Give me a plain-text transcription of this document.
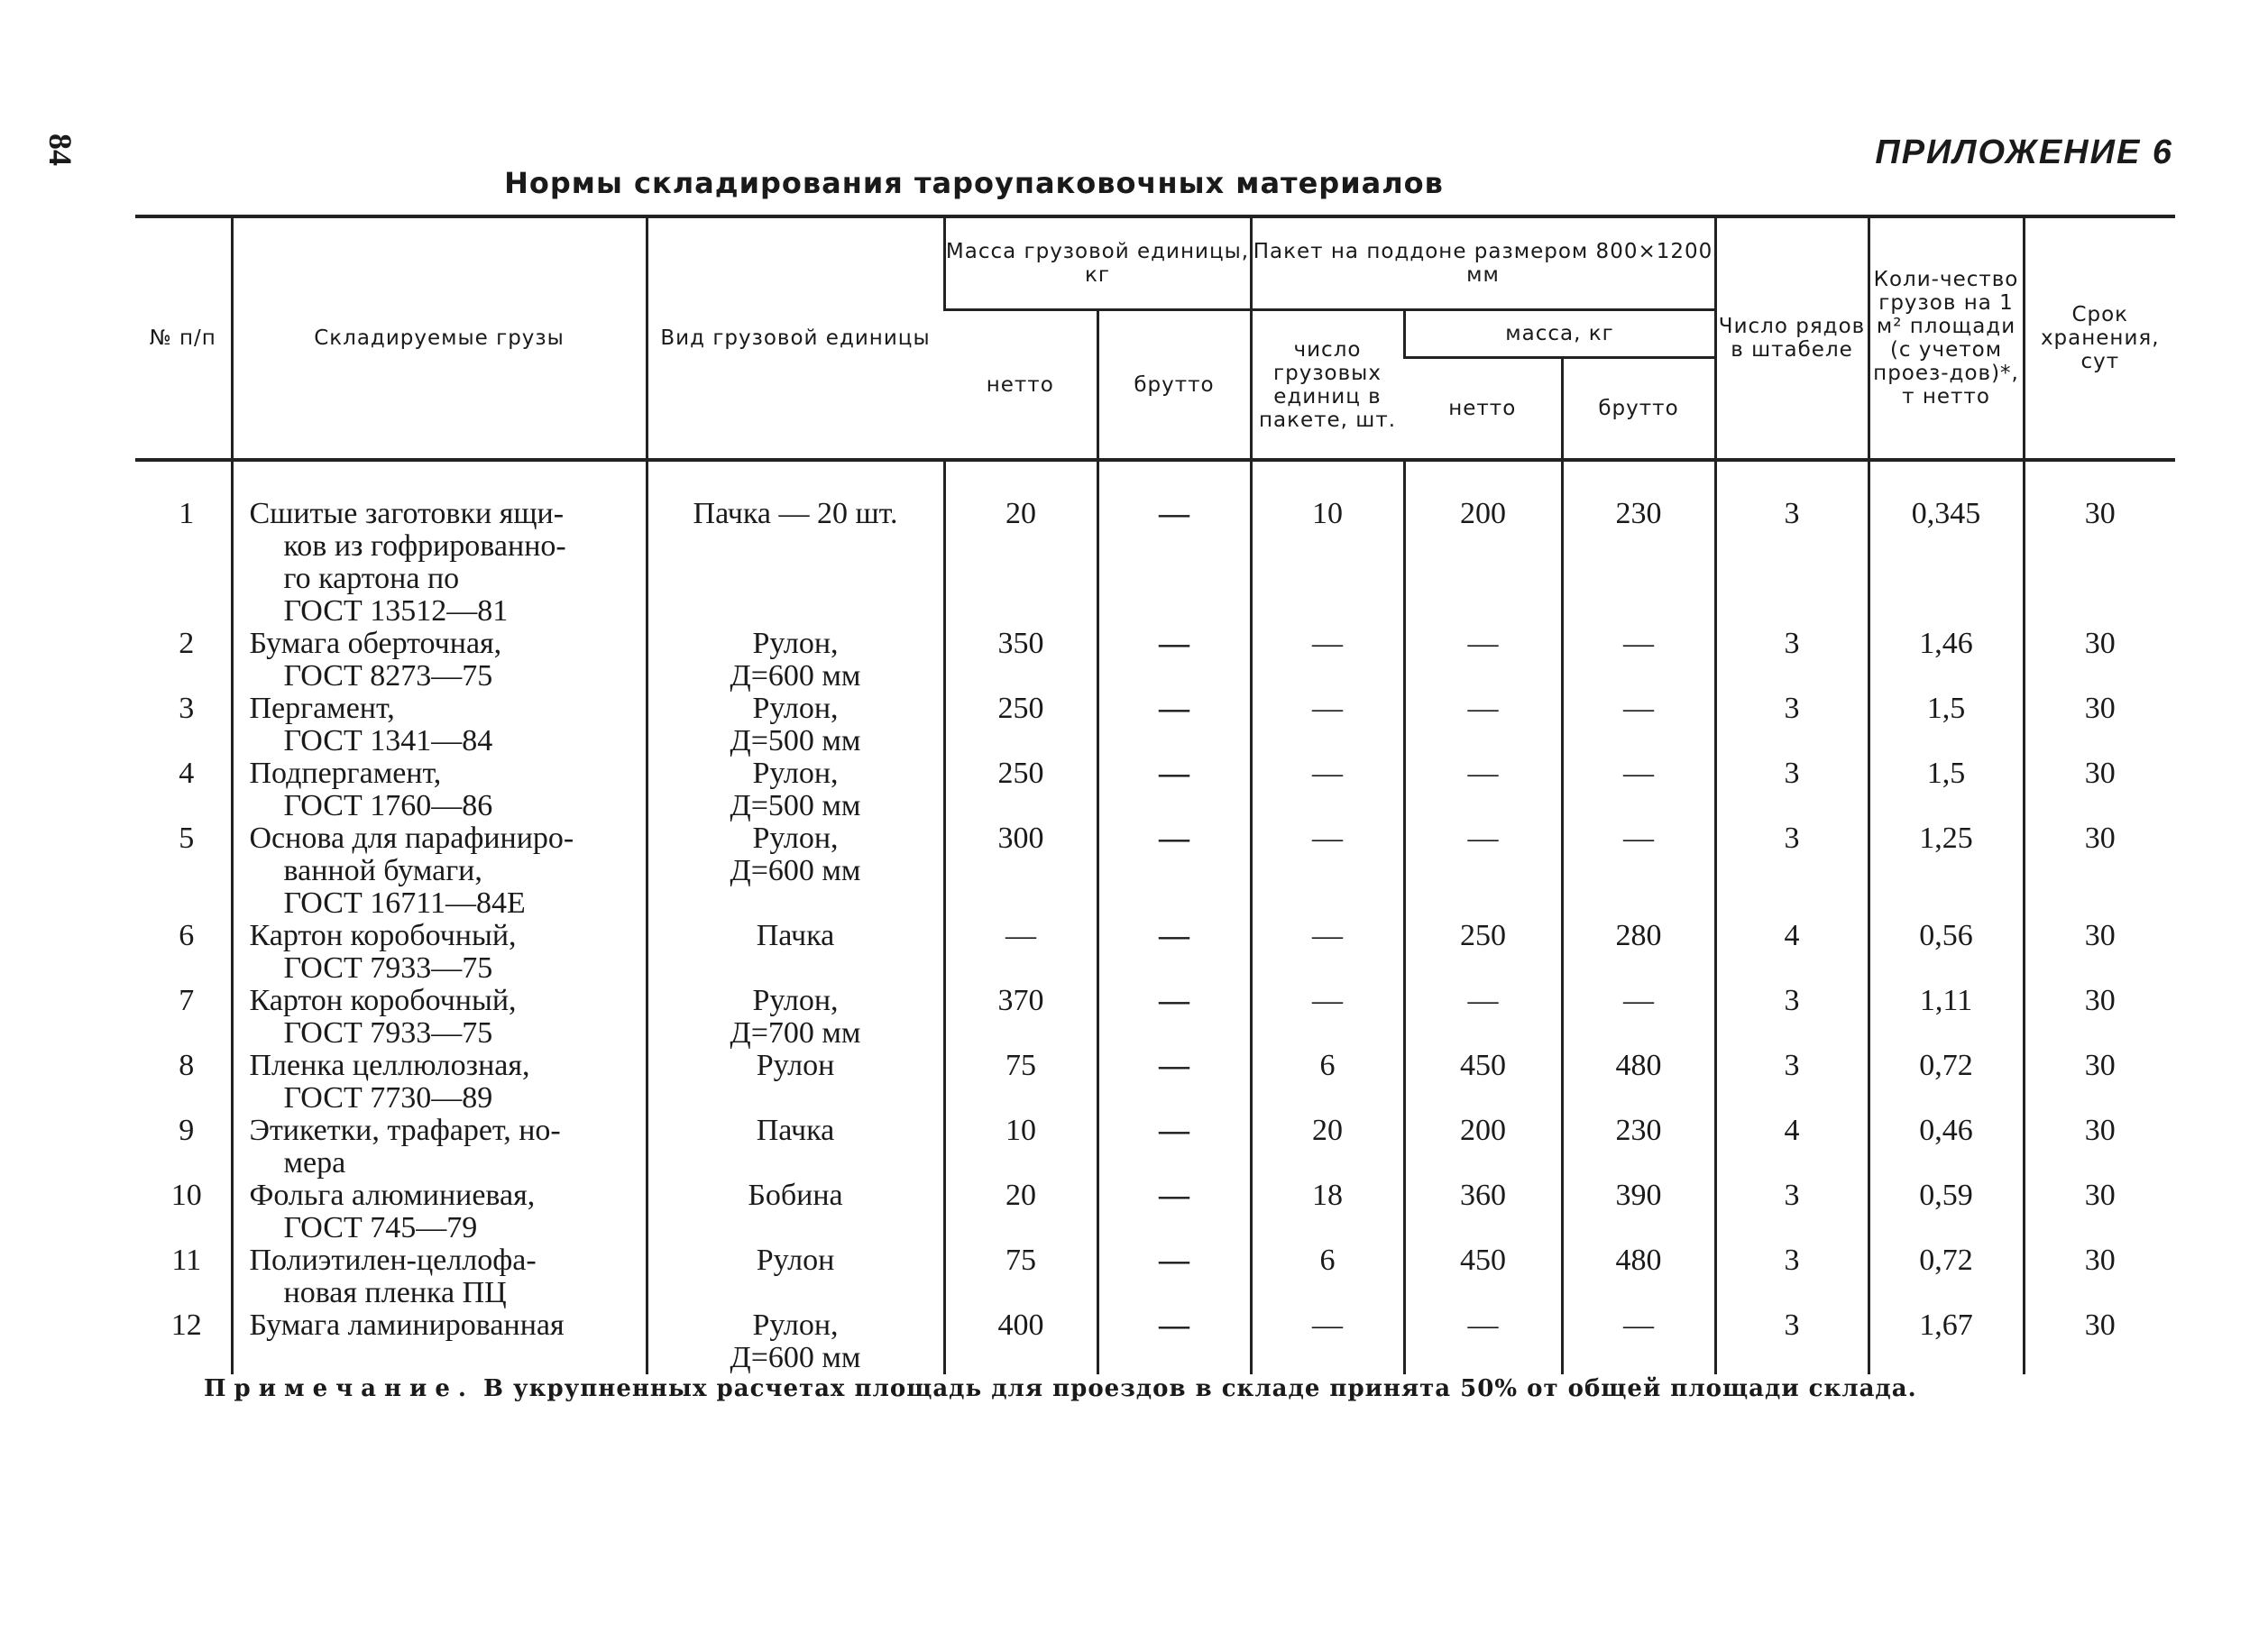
84	ПРИЛОЖЕНИЕ 6
Нормы складирования тароупаковочных материалов
№ п/п	Складируемые грузы	Вид грузовой единицы	Масса грузовой единицы, кг		Пакет на поддоне размером 800×1200 мм			Число рядов в штабеле	Коли-чество грузов на 1 м² площади (с учетом проез-дов)*, т нетто	Срок хранения, сут
			нетто	брутто	число грузовых единиц в пакете, шт.	масса, кг				
						нетто	брутто			
1	Сшитые заготовки ящи-
ков из гофрированно-
го картона по
ГОСТ 13512—81	Пачка — 20 шт.	20	—	10	200	230	3	0,345	30
2	Бумага оберточная,
ГОСТ 8273—75	Рулон,
Д=600 мм	350	—	—	—	—	3	1,46	30
3	Пергамент,
ГОСТ 1341—84	Рулон,
Д=500 мм	250	—	—	—	—	3	1,5	30
4	Подпергамент,
ГОСТ 1760—86	Рулон,
Д=500 мм	250	—	—	—	—	3	1,5	30
5	Основа для парафиниро-
ванной бумаги,
ГОСТ 16711—84Е	Рулон,
Д=600 мм	300	—	—	—	—	3	1,25	30
6	Картон коробочный,
ГОСТ 7933—75	Пачка	—	—	—	250	280	4	0,56	30
7	Картон коробочный,
ГОСТ 7933—75	Рулон,
Д=700 мм	370	—	—	—	—	3	1,11	30
8	Пленка целлюлозная,
ГОСТ 7730—89	Рулон	75	—	6	450	480	3	0,72	30
9	Этикетки, трафарет, но-
мера	Пачка	10	—	20	200	230	4	0,46	30
10	Фольга алюминиевая,
ГОСТ 745—79	Бобина	20	—	18	360	390	3	0,59	30
11	Полиэтилен-целлофа-
новая пленка ПЦ	Рулон	75	—	6	450	480	3	0,72	30
12	Бумага ламинированная	Рулон,
Д=600 мм	400	—	—	—	—	3	1,67	30
Примечание. В укрупненных расчетах площадь для проездов в складе принята 50% от общей площади склада.
